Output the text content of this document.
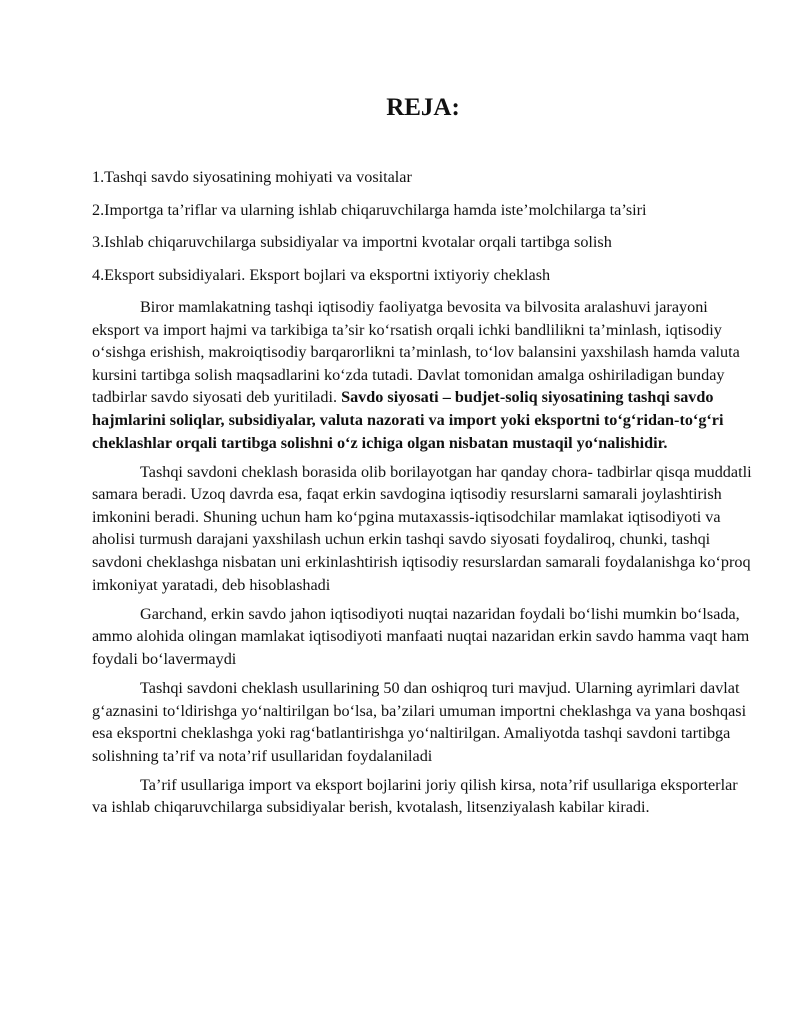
REJA:
1.Tashqi savdo siyosatining mohiyati va vositalar
2.Importga ta’riflar va ularning ishlab chiqaruvchilarga hamda iste’molchilarga ta’siri
3.Ishlab chiqaruvchilarga subsidiyalar va importni kvotalar orqali tartibga solish
4.Eksport subsidiyalari. Eksport bojlari va eksportni ixtiyoriy cheklash

Biror mamlakatning tashqi iqtisodiy faoliyatga bevosita va bilvosita aralashuvi jarayoni eksport va import hajmi va tarkibiga ta’sir ko‘rsatish orqali ichki bandlilikni ta’minlash, iqtisodiy o‘sishga erishish, makroiqtisodiy barqarorlikni ta’minlash, to‘lov balansini yaxshilash hamda valuta kursini tartibga solish maqsadlarini ko‘zda tutadi. Davlat tomonidan amalga oshiriladigan bunday tadbirlar savdo siyosati deb yuritiladi. Savdo siyosati – budjet-soliq siyosatining tashqi savdo hajmlarini soliqlar, subsidiyalar, valuta nazorati va import yoki eksportni to‘g‘ridan-to‘g‘ri cheklashlar orqali tartibga solishni o‘z ichiga olgan nisbatan mustaqil yo‘nalishidir.

Tashqi savdoni cheklash borasida olib borilayotgan har qanday chora- tadbirlar qisqa muddatli samara beradi. Uzoq davrda esa, faqat erkin savdogina iqtisodiy resurslarni samarali joylashtirish imkonini beradi. Shuning uchun ham ko‘pgina mutaxassis-iqtisodchilar mamlakat iqtisodiyoti va aholisi turmush darajani yaxshilash uchun erkin tashqi savdo siyosati foydaliroq, chunki, tashqi savdoni cheklashga nisbatan uni erkinlashtirish iqtisodiy resurslardan samarali foydalanishga ko‘proq imkoniyat yaratadi, deb hisoblashadi

Garchand, erkin savdo jahon iqtisodiyoti nuqtai nazaridan foydali bo‘lishi mumkin bo‘lsada, ammo alohida olingan mamlakat iqtisodiyoti manfaati nuqtai nazaridan erkin savdo hamma vaqt ham foydali bo‘lavermaydi

Tashqi savdoni cheklash usullarining 50 dan oshiqroq turi mavjud. Ularning ayrimlari davlat g‘aznasini to‘ldirishga yo‘naltirilgan bo‘lsa, ba’zilari umuman importni cheklashga va yana boshqasi esa eksportni cheklashga yoki rag‘batlantirishga yo‘naltirilgan. Amaliyotda tashqi savdoni tartibga solishning ta’rif va nota’rif usullaridan foydalaniladi

Ta’rif usullariga import va eksport bojlarini joriy qilish kirsa, nota’rif usullariga eksporterlar va ishlab chiqaruvchilarga subsidiyalar berish, kvotalash, litsenziyalash kabilar kiradi.
